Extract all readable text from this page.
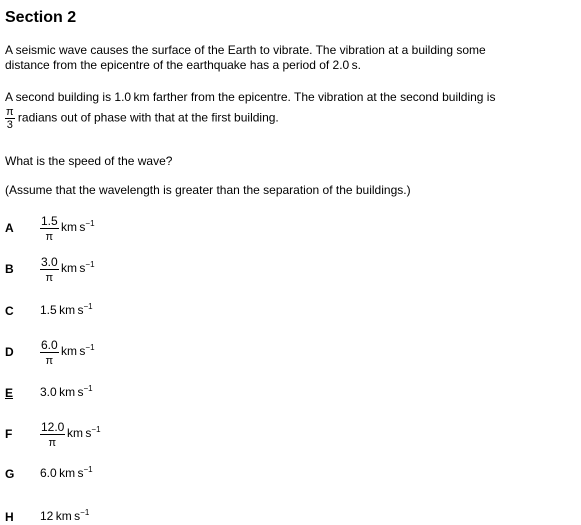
Section 2

A seismic wave causes the surface of the Earth to vibrate. The vibration at a building some

distance from the epicentre of the earthquake has a period of 2.0 s.

A second building is 1.0 km farther from the epicentre. The vibration at the second building is

$\frac{\pi}{3}$ radians out of phase with that at the first building.

What is the speed of the wave?

(Assume that the wavelength is greater than the separation of the buildings.)

A 1.5
π
km $s^{-1}$
B 3.0
π
km $s^{-1}$
C 1.5 km $s^{-1}$
D 6.0
π
km $s^{-1}$
E 3.0 km $s^{-1}$
F 12.0
π
km $s^{-1}$
G 6.0 km $s^{-1}$
H 12 km $s^{-1}$
